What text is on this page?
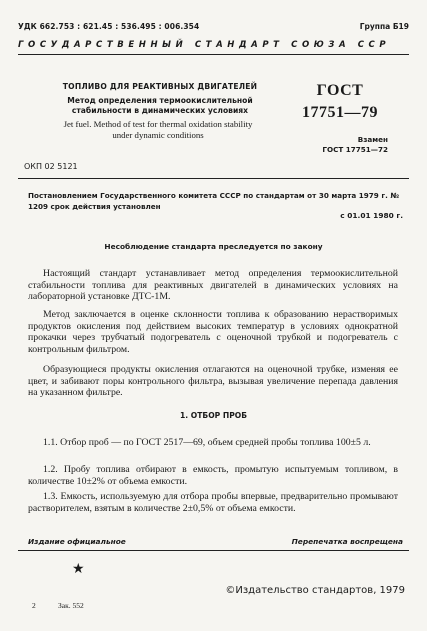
УДК 662.753 : 621.45 : 536.495 : 006.354	Группа Б19
ГОСУДАРСТВЕННЫЙ СТАНДАРТ СОЮЗА ССР
ТОПЛИВО ДЛЯ РЕАКТИВНЫХ ДВИГАТЕЛЕЙ
Метод определения термоокислительной
стабильности в динамических условиях
Jet fuel. Method of test for thermal oxidation stability
under dynamic conditions
ГОСТ
17751—79
Взамен
ГОСТ 17751—72
ОКП 02 5121
Постановлением Государственного комитета СССР по стандартам от 30 марта 1979 г. № 1209 срок действия установлен
с 01.01 1980 г.
Несоблюдение стандарта преследуется по закону
Настоящий стандарт устанавливает метод определения термоокислительной стабильности топлива для реактивных двигателей в динамических условиях на лабораторной установке ДТС-1М.
Метод заключается в оценке склонности топлива к образованию нерастворимых продуктов окисления под действием высоких температур в условиях однократной прокачки через трубчатый подогреватель с оценочной трубкой и подогреватель с контрольным фильтром.
Образующиеся продукты окисления отлагаются на оценочной трубке, изменяя ее цвет, и забивают поры контрольного фильтра, вызывая увеличение перепада давления на указанном фильтре.
1. ОТБОР ПРОБ
1.1. Отбор проб — по ГОСТ 2517—69, объем средней пробы топлива 100±5 л.
1.2. Пробу топлива отбирают в емкость, промытую испытуемым топливом, в количестве 10±2% от объема емкости.
1.3. Емкость, используемую для отбора пробы впервые, предварительно промывают растворителем, взятым в количестве 2±0,5% от объема емкости.
Издание официальное	Перепечатка воспрещена
★
©Издательство стандартов, 1979
2	Зак. 552
